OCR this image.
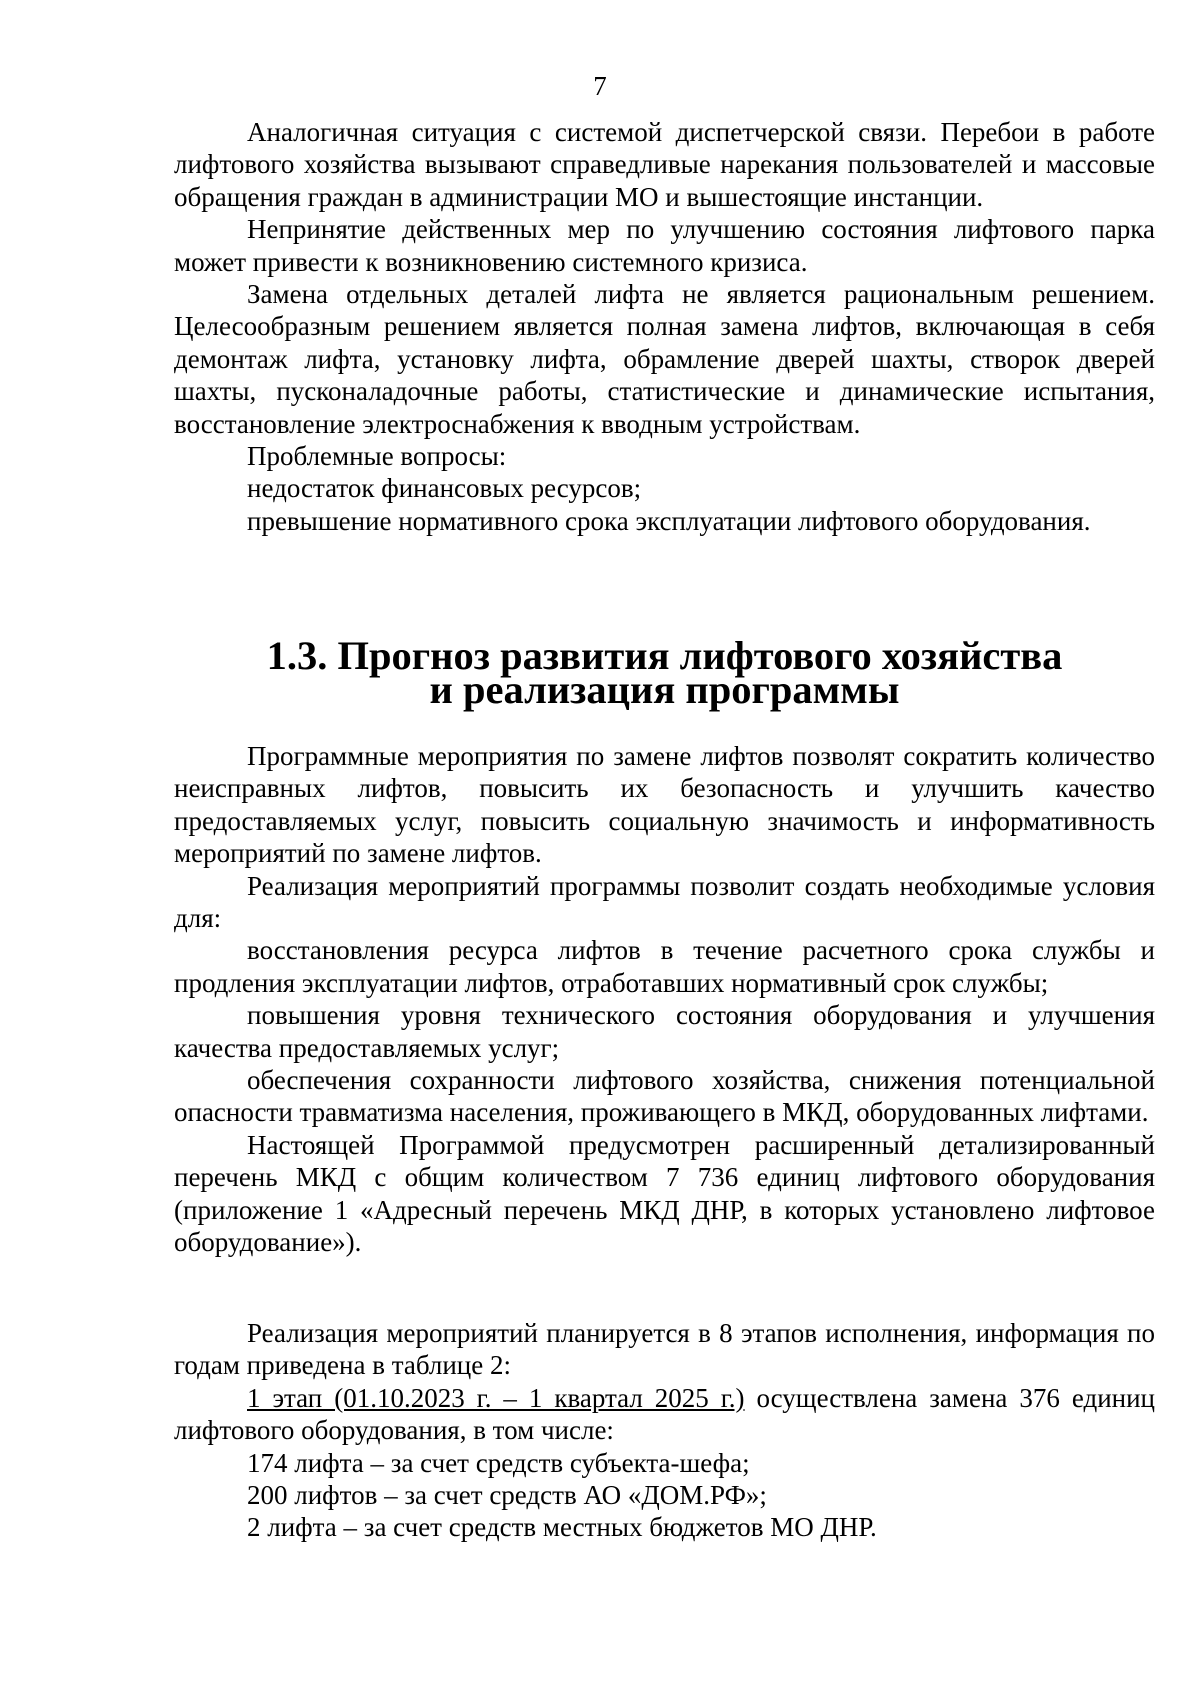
7

Аналогичная ситуация с системой диспетчерской связи. Перебои в работе лифтового хозяйства вызывают справедливые нарекания пользователей и массовые обращения граждан в администрации МО и вышестоящие инстанции.

Непринятие действенных мер по улучшению состояния лифтового парка может привести к возникновению системного кризиса.

Замена отдельных деталей лифта не является рациональным решением. Целесообразным решением является полная замена лифтов, включающая в себя демонтаж лифта, установку лифта, обрамление дверей шахты, створок дверей шахты, пусконаладочные работы, статистические и динамические испытания, восстановление электроснабжения к вводным устройствам.

Проблемные вопросы:

недостаток финансовых ресурсов;

превышение нормативного срока эксплуатации лифтового оборудования.

1.3. Прогноз развития лифтового хозяйства
и реализация программы

Программные мероприятия по замене лифтов позволят сократить количество неисправных лифтов, повысить их безопасность и улучшить качество предоставляемых услуг, повысить социальную значимость и информативность мероприятий по замене лифтов.

Реализация мероприятий программы позволит создать необходимые условия для:

восстановления ресурса лифтов в течение расчетного срока службы и продления эксплуатации лифтов, отработавших нормативный срок службы;

повышения уровня технического состояния оборудования и улучшения качества предоставляемых услуг;

обеспечения сохранности лифтового хозяйства, снижения потенциальной опасности травматизма населения, проживающего в МКД, оборудованных лифтами.

Настоящей Программой предусмотрен расширенный детализированный перечень МКД с общим количеством 7 736 единиц лифтового оборудования (приложение 1 «Адресный перечень МКД ДНР, в которых установлено лифтовое оборудование»).

Реализация мероприятий планируется в 8 этапов исполнения, информация по годам приведена в таблице 2:

1 этап (01.10.2023 г. – 1 квартал 2025 г.) осуществлена замена 376 единиц лифтового оборудования, в том числе:

174 лифта – за счет средств субъекта-шефа;

200 лифтов – за счет средств АО «ДОМ.РФ»;

2 лифта – за счет средств местных бюджетов МО ДНР.
